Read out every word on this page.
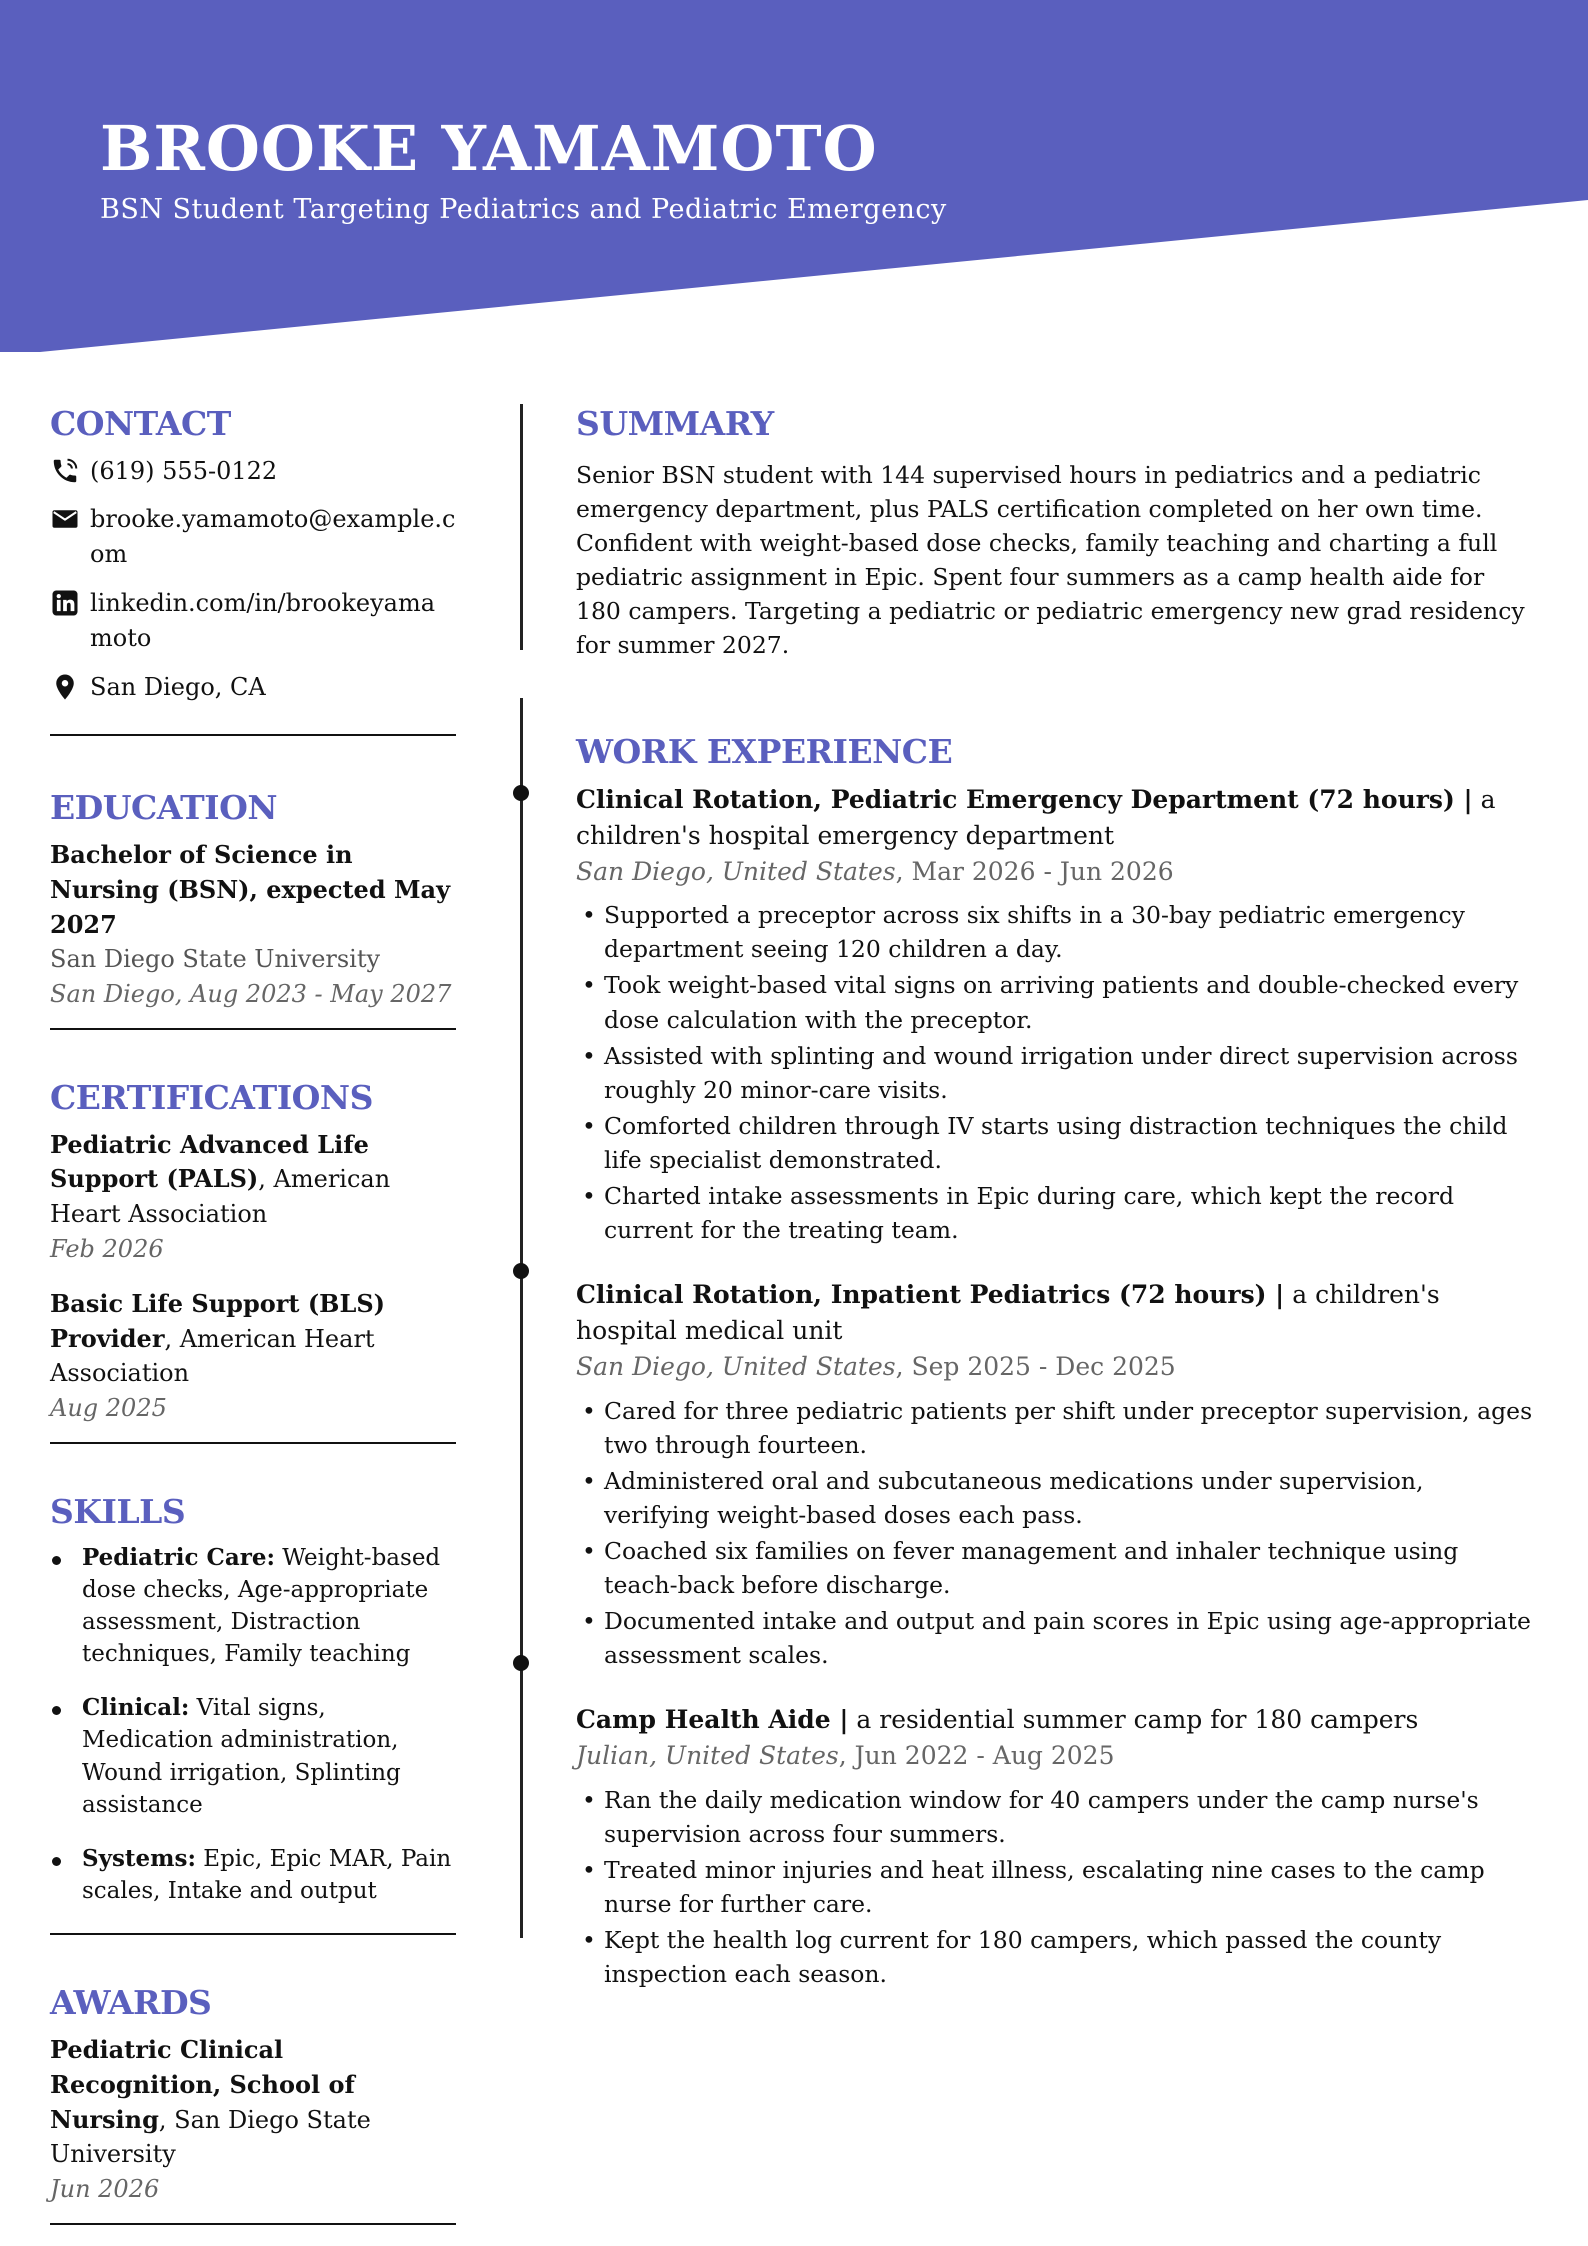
BROOKE YAMAMOTO
BSN Student Targeting Pediatrics and Pediatric Emergency
CONTACT
(619) 555-0122
brooke.yamamoto@example.com
linkedin.com/in/brookeyamamoto
San Diego, CA
EDUCATION
Bachelor of Science in Nursing (BSN), expected May 2027
San Diego State University
San Diego, Aug 2023 - May 2027
CERTIFICATIONS
Pediatric Advanced Life Support (PALS), American Heart Association
Feb 2026
Basic Life Support (BLS) Provider, American Heart Association
Aug 2025
SKILLS
Pediatric Care: Weight-based dose checks, Age-appropriate assessment, Distraction techniques, Family teaching
Clinical: Vital signs, Medication administration, Wound irrigation, Splinting assistance
Systems: Epic, Epic MAR, Pain scales, Intake and output
AWARDS
Pediatric Clinical Recognition, School of Nursing, San Diego State University
Jun 2026
SUMMARY

Senior BSN student with 144 supervised hours in pediatrics and a pediatric emergency department, plus PALS certification completed on her own time. Confident with weight-based dose checks, family teaching and charting a full pediatric assignment in Epic. Spent four summers as a camp health aide for 180 campers. Targeting a pediatric or pediatric emergency new grad residency for summer 2027.

WORK EXPERIENCE
Clinical Rotation, Pediatric Emergency Department (72 hours) | a children's hospital emergency department
San Diego, United States, Mar 2026 - Jun 2026
• Supported a preceptor across six shifts in a 30-bay pediatric emergency department seeing 120 children a day.
• Took weight-based vital signs on arriving patients and double-checked every dose calculation with the preceptor.
• Assisted with splinting and wound irrigation under direct supervision across roughly 20 minor-care visits.
• Comforted children through IV starts using distraction techniques the child life specialist demonstrated.
• Charted intake assessments in Epic during care, which kept the record current for the treating team.
Clinical Rotation, Inpatient Pediatrics (72 hours) | a children's hospital medical unit
San Diego, United States, Sep 2025 - Dec 2025
• Cared for three pediatric patients per shift under preceptor supervision, ages two through fourteen.
• Administered oral and subcutaneous medications under supervision, verifying weight-based doses each pass.
• Coached six families on fever management and inhaler technique using teach-back before discharge.
• Documented intake and output and pain scores in Epic using age-appropriate assessment scales.
Camp Health Aide | a residential summer camp for 180 campers
Julian, United States, Jun 2022 - Aug 2025
• Ran the daily medication window for 40 campers under the camp nurse's supervision across four summers.
• Treated minor injuries and heat illness, escalating nine cases to the camp nurse for further care.
• Kept the health log current for 180 campers, which passed the county inspection each season.
